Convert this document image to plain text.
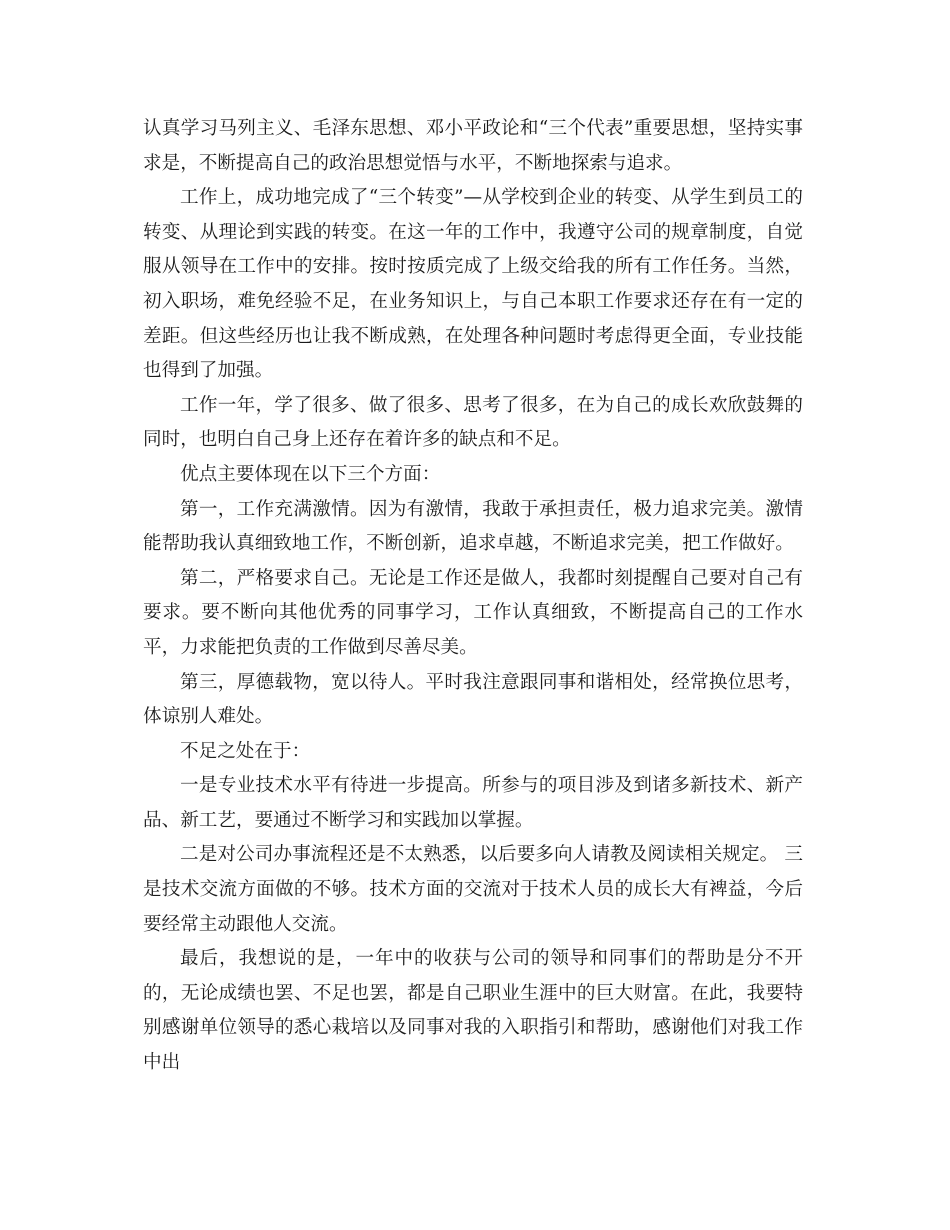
认真学习马列主义、毛泽东思想、邓小平政论和“三个代表”重要思想，坚持实事求是，不断提高自己的政治思想觉悟与水平，不断地探索与追求。

工作上，成功地完成了“三个转变”—从学校到企业的转变、从学生到员工的转变、从理论到实践的转变。在这一年的工作中，我遵守公司的规章制度，自觉服从领导在工作中的安排。按时按质完成了上级交给我的所有工作任务。当然，初入职场，难免经验不足，在业务知识上，与自己本职工作要求还存在有一定的差距。但这些经历也让我不断成熟，在处理各种问题时考虑得更全面，专业技能也得到了加强。

工作一年，学了很多、做了很多、思考了很多，在为自己的成长欢欣鼓舞的同时，也明白自己身上还存在着许多的缺点和不足。

优点主要体现在以下三个方面：

第一，工作充满激情。因为有激情，我敢于承担责任，极力追求完美。激情能帮助我认真细致地工作，不断创新，追求卓越，不断追求完美，把工作做好。

第二，严格要求自己。无论是工作还是做人，我都时刻提醒自己要对自己有要求。要不断向其他优秀的同事学习，工作认真细致，不断提高自己的工作水平，力求能把负责的工作做到尽善尽美。

第三，厚德载物，宽以待人。平时我注意跟同事和谐相处，经常换位思考，体谅别人难处。

不足之处在于：

一是专业技术水平有待进一步提高。所参与的项目涉及到诸多新技术、新产品、新工艺，要通过不断学习和实践加以掌握。

二是对公司办事流程还是不太熟悉，以后要多向人请教及阅读相关规定。 三是技术交流方面做的不够。技术方面的交流对于技术人员的成长大有裨益，今后要经常主动跟他人交流。

最后，我想说的是，一年中的收获与公司的领导和同事们的帮助是分不开的，无论成绩也罢、不足也罢，都是自己职业生涯中的巨大财富。在此，我要特别感谢单位领导的悉心栽培以及同事对我的入职指引和帮助，感谢他们对我工作中出
